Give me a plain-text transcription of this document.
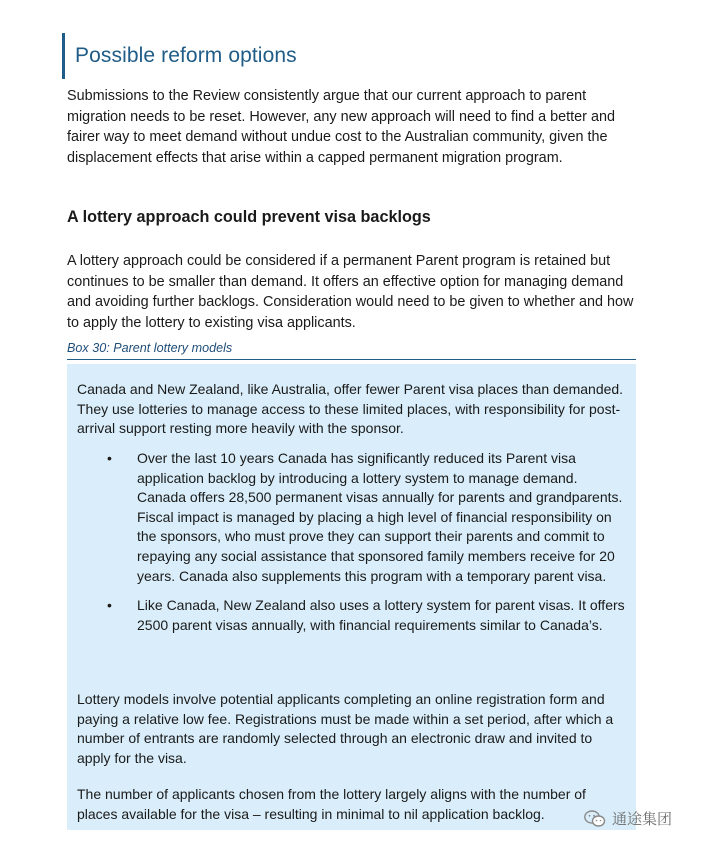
Possible reform options

Submissions to the Review consistently argue that our current approach to parent migration needs to be reset. However, any new approach will need to find a better and fairer way to meet demand without undue cost to the Australian community, given the displacement effects that arise within a capped permanent migration program.

A lottery approach could prevent visa backlogs

A lottery approach could be considered if a permanent Parent program is retained but continues to be smaller than demand. It offers an effective option for managing demand and avoiding further backlogs. Consideration would need to be given to whether and how to apply the lottery to existing visa applicants.

Box 30: Parent lottery models

Canada and New Zealand, like Australia, offer fewer Parent visa places than demanded. They use lotteries to manage access to these limited places, with responsibility for post-arrival support resting more heavily with the sponsor.

• Over the last 10 years Canada has significantly reduced its Parent visa application backlog by introducing a lottery system to manage demand. Canada offers 28,500 permanent visas annually for parents and grandparents. Fiscal impact is managed by placing a high level of financial responsibility on the sponsors, who must prove they can support their parents and commit to repaying any social assistance that sponsored family members receive for 20 years. Canada also supplements this program with a temporary parent visa.
• Like Canada, New Zealand also uses a lottery system for parent visas. It offers 2500 parent visas annually, with financial requirements similar to Canada’s.

Lottery models involve potential applicants completing an online registration form and paying a relative low fee. Registrations must be made within a set period, after which a number of entrants are randomly selected through an electronic draw and invited to apply for the visa.

The number of applicants chosen from the lottery largely aligns with the number of places available for the visa – resulting in minimal to nil application backlog.	通途集团
